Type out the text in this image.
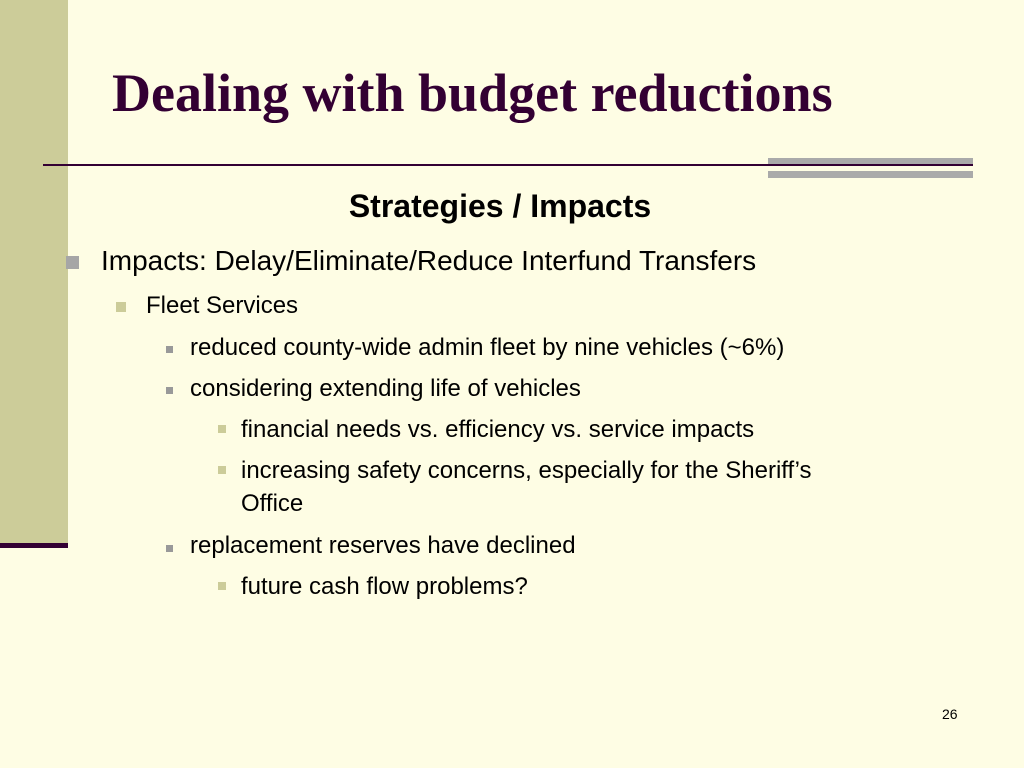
Dealing with budget reductions
Strategies / Impacts
Impacts: Delay/Eliminate/Reduce Interfund Transfers
Fleet Services
reduced county-wide admin fleet by nine vehicles (~6%)
considering extending life of vehicles
financial needs vs. efficiency vs. service impacts
increasing safety concerns, especially for the Sheriff’s
Office
replacement reserves have declined
future cash flow problems?
26
